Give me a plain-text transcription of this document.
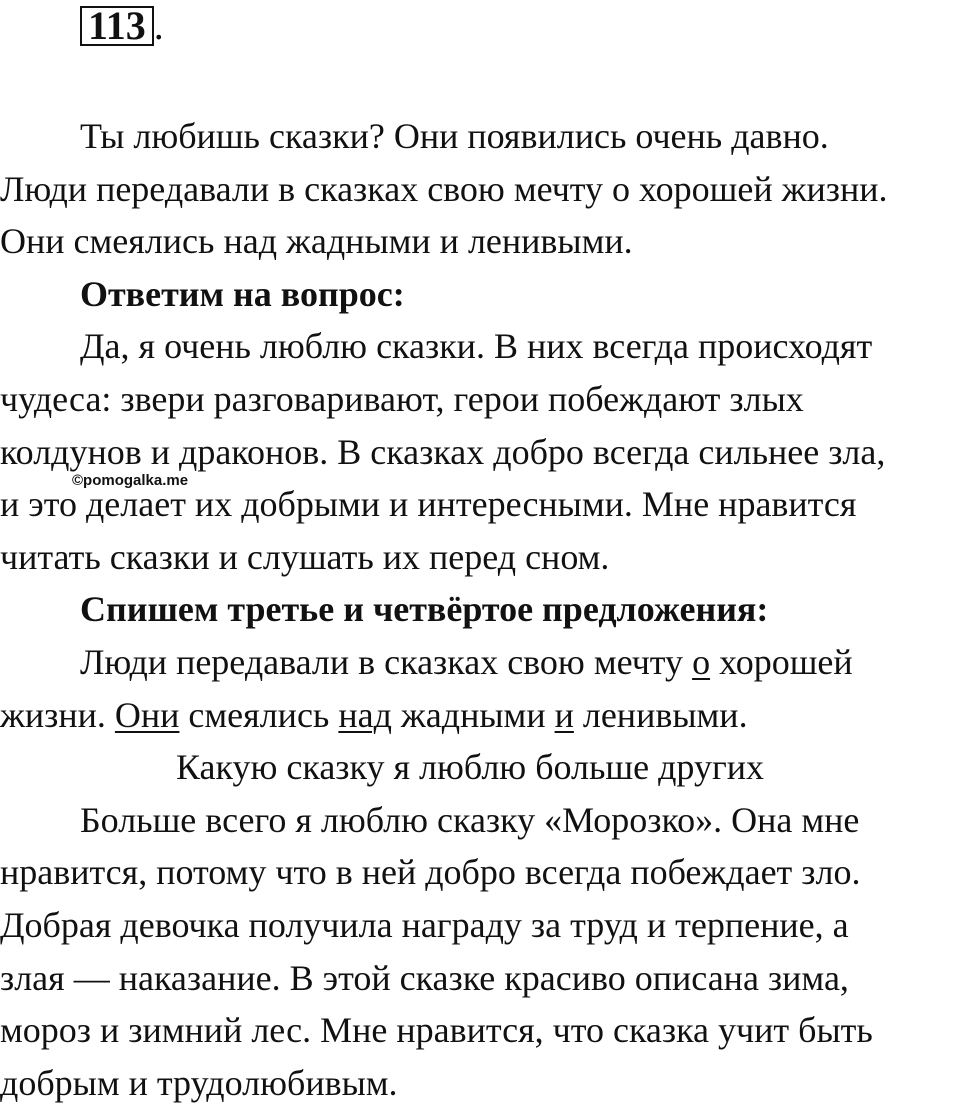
113 .
Ты любишь сказки? Они появились очень давно.
Люди передавали в сказках свою мечту о хорошей жизни.
Они смеялись над жадными и ленивыми.
Ответим на вопрос:
Да, я очень люблю сказки. В них всегда происходят
чудеса: звери разговаривают, герои побеждают злых
колдунов и драконов. В сказках добро всегда сильнее зла,
и это делает их добрыми и интересными. Мне нравится
читать сказки и слушать их перед сном.
Спишем третье и четвёртое предложения:
Люди передавали в сказках свою мечту о хорошей
жизни. Они смеялись над жадными и ленивыми.
Какую сказку я люблю больше других
Больше всего я люблю сказку «Морозко». Она мне
нравится, потому что в ней добро всегда побеждает зло.
Добрая девочка получила награду за труд и терпение, а
злая — наказание. В этой сказке красиво описана зима,
мороз и зимний лес. Мне нравится, что сказка учит быть
добрым и трудолюбивым.
©pomogalka.me
